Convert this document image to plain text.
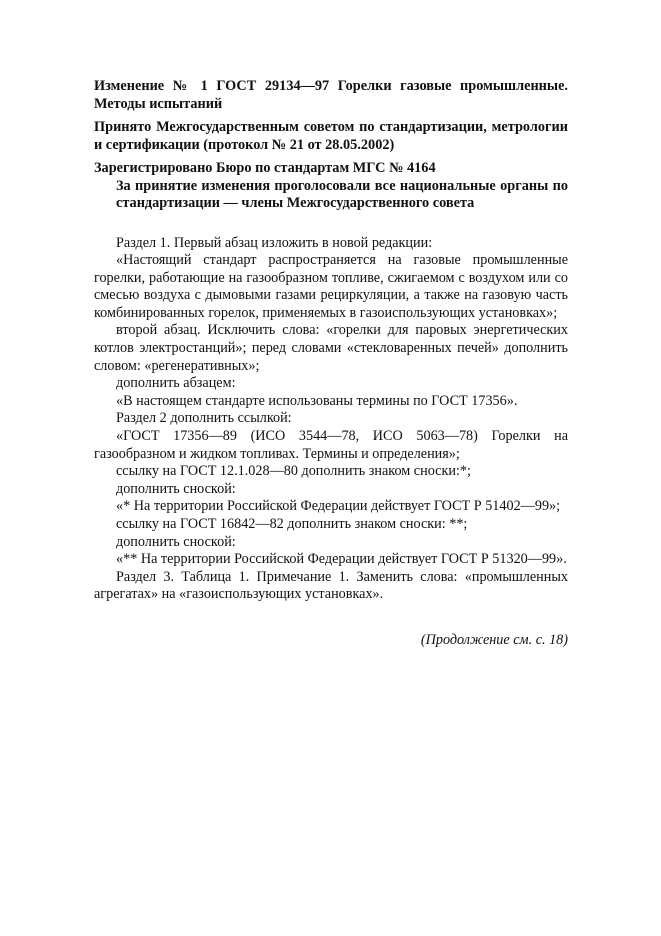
Изменение № 1 ГОСТ 29134—97 Горелки газовые промышленные. Методы испытаний

Принято Межгосударственным советом по стандартизации, метрологии и сертификации (протокол № 21 от 28.05.2002)

Зарегистрировано Бюро по стандартам МГС № 4164

За принятие изменения проголосовали все национальные органы по стандартизации — члены Межгосударственного совета

Раздел 1. Первый абзац изложить в новой редакции:

«Настоящий стандарт распространяется на газовые промышленные горелки, работающие на газообразном топливе, сжигаемом с воздухом или со смесью воздуха с дымовыми газами рециркуляции, а также на газовую часть комбинированных горелок, применяемых в газоиспользующих установках»;

второй абзац. Исключить слова: «горелки для паровых энергетических котлов электростанций»; перед словами «стекловаренных печей» дополнить словом: «регенеративных»;

дополнить абзацем:

«В настоящем стандарте использованы термины по ГОСТ 17356».

Раздел 2 дополнить ссылкой:

«ГОСТ 17356—89 (ИСО 3544—78, ИСО 5063—78) Горелки на газообразном и жидком топливах. Термины и определения»;

ссылку на ГОСТ 12.1.028—80 дополнить знаком сноски:*;

дополнить сноской:

«* На территории Российской Федерации действует ГОСТ Р 51402—99»;

ссылку на ГОСТ 16842—82 дополнить знаком сноски: **;

дополнить сноской:

«** На территории Российской Федерации действует ГОСТ Р 51320—99».

Раздел 3. Таблица 1. Примечание 1. Заменить слова: «промышленных агрегатах» на «газоиспользующих установках».

(Продолжение см. с. 18)
